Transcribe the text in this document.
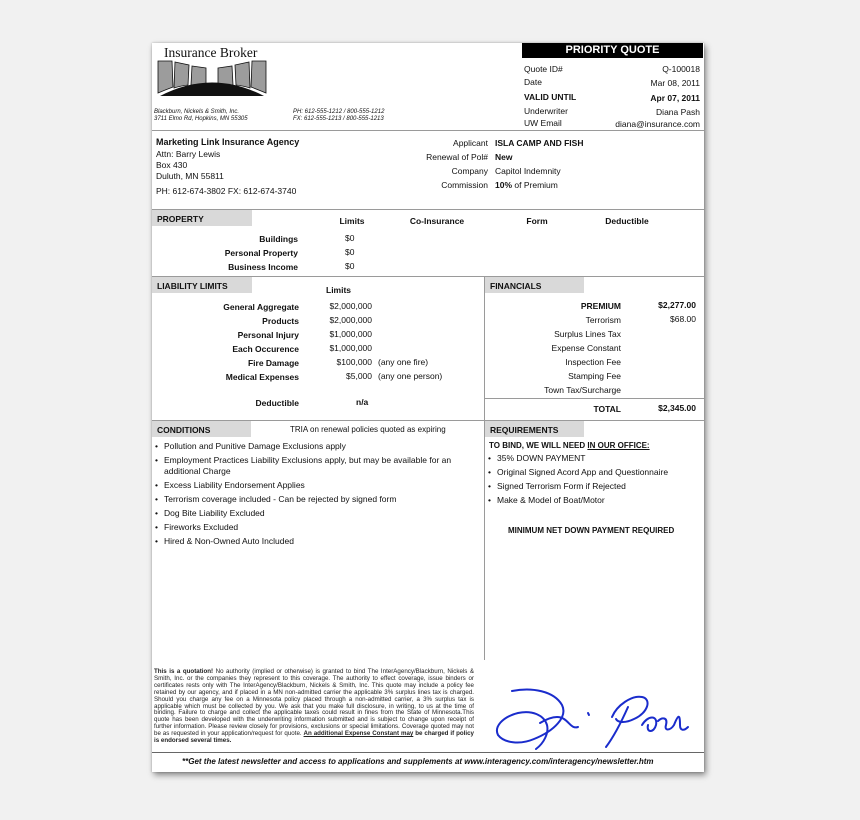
Insurance Broker
Blackburn, Nickels & Smith, Inc.
3711 Elmo Rd, Hopkins, MN 55305
PH: 612-555-1212 / 800-555-1212
FX: 612-555-1213 / 800-555-1213
PRIORITY QUOTE
Quote ID#	Q-100018
Date	Mar 08, 2011
VALID UNTIL	Apr 07, 2011
Underwriter	Diana Pash
UW Email	diana@insurance.com
Marketing Link Insurance Agency
Attn: Barry Lewis
Box 430
Duluth, MN 55811
PH: 612-674-3802 FX: 612-674-3740
Applicant ISLA CAMP AND FISH
Renewal of Pol# New
Company Capitol Indemnity
Commission 10% of Premium
PROPERTY	Limits	Co-Insurance	Form	Deductible
Buildings	$0
Personal Property	$0
Business Income	$0
LIABILITY LIMITS	Limits
General Aggregate	$2,000,000
Products	$2,000,000
Personal Injury	$1,000,000
Each Occurence	$1,000,000
Fire Damage	$100,000 (any one fire)
Medical Expenses	$5,000 (any one person)
Deductible	n/a
FINANCIALS
PREMIUM	$2,277.00
Terrorism	$68.00
Surplus Lines Tax
Expense Constant
Inspection Fee
Stamping Fee
Town Tax/Surcharge
TOTAL	$2,345.00
CONDITIONS	TRIA on renewal policies quoted as expiring
• Pollution and Punitive Damage Exclusions apply
• Employment Practices Liability Exclusions apply, but may be available for an additional Charge
• Excess Liability Endorsement Applies
• Terrorism coverage included - Can be rejected by signed form
• Dog Bite Liability Excluded
• Fireworks Excluded
• Hired & Non-Owned Auto Included
REQUIREMENTS
TO BIND, WE WILL NEED IN OUR OFFICE:
• 35% DOWN PAYMENT
• Original Signed Acord App and Questionnaire
• Signed Terrorism Form if Rejected
• Make & Model of Boat/Motor
MINIMUM NET DOWN PAYMENT REQUIRED
This is a quotation! No authority (implied or otherwise) is granted to bind The InterAgency/Blackburn, Nickels & Smith, Inc. or the companies they represent to this coverage. The authority to effect coverage, issue binders or certificates rests only with The InterAgency/Blackburn, Nickels & Smith, Inc. This quote may include a policy fee retained by our agency, and if placed in a MN non-admitted carrier the applicable 3% surplus lines tax is charged. Should you charge any fee on a Minnesota policy placed through a non-admitted carrier, a 3% surplus tax is applicable which must be collected by you. We ask that you make full disclosure, in writing, to us at the time of binding. Failure to charge and collect the applicable taxes could result in fines from the State of Minnesota.This quote has been developed with the underwriting information submitted and is subject to change upon receipt of further information. Please review closely for provisions, exclusions or special limitations. Coverage quoted may not be as requested in your application/request for quote. An additional Expense Constant may be charged if policy is endorsed several times.
**Get the latest newsletter and access to applications and supplements at www.interagency.com/interagency/newsletter.htm
